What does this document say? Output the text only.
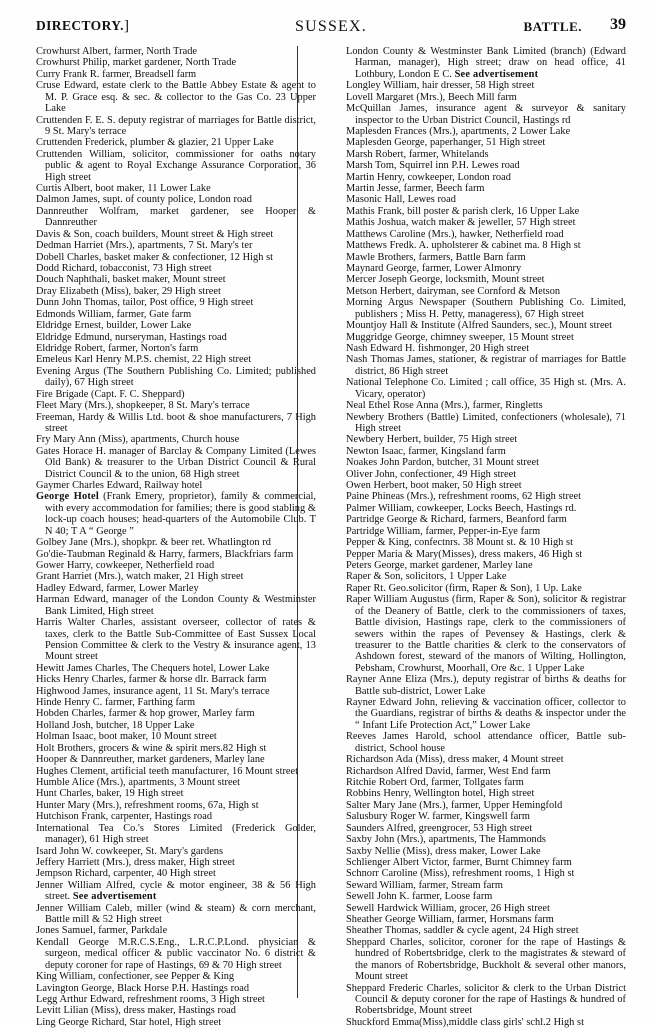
DIRECTORY.]	SUSSEX.	BATTLE. 39
Crowhurst Albert, farmer, North Trade
Crowhurst Philip, market gardener, North Trade
Curry Frank R. farmer, Breadsell farm
Cruse Edward, estate clerk to the Battle Abbey Estate & agent to M. P. Grace esq. & sec. & collector to the Gas Co. 23 Upper Lake
Cruttenden F. E. S. deputy registrar of marriages for Battle district, 9 St. Mary's terrace
Cruttenden Frederick, plumber & glazier, 21 Upper Lake
Cruttenden William, solicitor, commissioner for oaths notary public & agent to Royal Exchange Assurance Corporation, 36 High street
Curtis Albert, boot maker, 11 Lower Lake
Dalmon James, supt. of county police, London road
Dannreuther Wolfram, market gardener, see Hooper & Dannreuther
Davis & Son, coach builders, Mount street & High street
Dedman Harriet (Mrs.), apartments, 7 St. Mary's ter
Dobell Charles, basket maker & confectioner, 12 High st
Dodd Richard, tobacconist, 73 High street
Douch Naphthali, basket maker, Mount street
Dray Elizabeth (Miss), baker, 29 High street
Dunn John Thomas, tailor, Post office, 9 High street
Edmonds William, farmer, Gate farm
Eldridge Ernest, builder, Lower Lake
Eldridge Edmund, nurseryman, Hastings road
Eldridge Robert, farmer, Norton's farm
Emeleus Karl Henry M.P.S. chemist, 22 High street
Evening Argus (The Southern Publishing Co. Limited; published daily), 67 High street
Fire Brigade (Capt. F. C. Sheppard)
Fleet Mary (Mrs.), shopkeeper, 8 St. Mary's terrace
Freeman, Hardy & Willis Ltd. boot & shoe manufacturers, 7 High street
Fry Mary Ann (Miss), apartments, Church house
Gates Horace H. manager of Barclay & Company Limited (Lewes Old Bank) & treasurer to the Urban District Council & Rural District Council & to the union, 68 High street
Gaymer Charles Edward, Railway hotel
George Hotel (Frank Emery, proprietor), family & commercial, with every accommodation for families; there is good stabling & lock-up coach houses; head-quarters of the Automobile Club. T N 40; T A “ George ”
Golbey Jane (Mrs.), shopkpr. & beer ret. Whatlington rd
Go'die-Taubman Reginald & Harry, farmers, Blackfriars farm
Gower Harry, cowkeeper, Netherfield road
Grant Harriet (Mrs.), watch maker, 21 High street
Hadley Edward, farmer, Lower Marley
Harman Edward, manager of the London County & Westminster Bank Limited, High street
Harris Walter Charles, assistant overseer, collector of rates & taxes, clerk to the Battle Sub-Committee of East Sussex Local Pension Committee & clerk to the Vestry & insurance agent, 13 Mount street
Hewitt James Charles, The Chequers hotel, Lower Lake
Hicks Henry Charles, farmer & horse dlr. Barrack farm
Highwood James, insurance agent, 11 St. Mary's terrace
Hinde Henry C. farmer, Farthing farm
Hobden Charles, farmer & hop grower, Marley farm
Holland Josh, butcher, 18 Upper Lake
Holman Isaac, boot maker, 10 Mount street
Holt Brothers, grocers & wine & spirit mers.82 High st
Hooper & Dannreuther, market gardeners, Marley lane
Hughes Clement, artificial teeth manufacturer, 16 Mount street
Humble Alice (Mrs.), apartments, 3 Mount street
Hunt Charles, baker, 19 High street
Hunter Mary (Mrs.), refreshment rooms, 67a, High st
Hutchison Frank, carpenter, Hastings road
International Tea Co.'s Stores Limited (Frederick Golder, manager), 61 High street
Isard John W. cowkeeper, St. Mary's gardens
Jeffery Harriett (Mrs.), dress maker, High street
Jempson Richard, carpenter, 40 High street
Jenner William Alfred, cycle & motor engineer, 38 & 56 High street. See advertisement
Jenner William Caleb, miller (wind & steam) & corn merchant, Battle mill & 52 High street
Jones Samuel, farmer, Parkdale
Kendall George M.R.C.S.Eng., L.R.C.P.Lond. physician & surgeon, medical officer & public vaccinator No. 6 district & deputy coroner for rape of Hastings, 69 & 70 High street
King William, confectioner, see Pepper & King
Lavington George, Black Horse P.H. Hastings road
Legg Arthur Edward, refreshment rooms, 3 High street
Levitt Lilian (Miss), dress maker, Hastings road
Ling George Richard, Star hotel, High street
London County & Westminster Bank Limited (branch) (Edward Harman, manager), High street; draw on head office, 41 Lothbury, London E C. See advertisement
Longley William, hair dresser, 58 High street
Lovell Margaret (Mrs.), Beech Mill farm
McQuillan James, insurance agent & surveyor & sanitary inspector to the Urban District Council, Hastings rd
Maplesden Frances (Mrs.), apartments, 2 Lower Lake
Maplesden George, paperhanger, 51 High street
Marsh Robert, farmer, Whitelands
Marsh Tom, Squirrel inn P.H. Lewes road
Martin Henry, cowkeeper, London road
Martin Jesse, farmer, Beech farm
Masonic Hall, Lewes road
Mathis Frank, bill poster & parish clerk, 16 Upper Lake
Mathis Joshua, watch maker & jeweller, 57 High street
Matthews Caroline (Mrs.), hawker, Netherfield road
Matthews Fredk. A. upholsterer & cabinet ma. 8 High st
Mawle Brothers, farmers, Battle Barn farm
Maynard George, farmer, Lower Almonry
Mercer Joseph George, locksmith, Mount street
Metson Herbert, dairyman, see Cornford & Metson
Morning Argus Newspaper (Southern Publishing Co. Limited, publishers ; Miss H. Petty, manageress), 67 High street
Mountjoy Hall & Institute (Alfred Saunders, sec.), Mount street
Muggridge George, chimney sweeper, 15 Mount street
Nash Edward H. fishmonger, 20 High street
Nash Thomas James, stationer, & registrar of marriages for Battle district, 86 High street
National Telephone Co. Limited ; call office, 35 High st. (Mrs. A. Vicary, operator)
Neal Ethel Rose Anna (Mrs.), farmer, Ringletts
Newbery Brothers (Battle) Limited, confectioners (wholesale), 71 High street
Newbery Herbert, builder, 75 High street
Newton Isaac, farmer, Kingsland farm
Noakes John Pardon, butcher, 31 Mount street
Oliver John, confectioner, 49 High street
Owen Herbert, boot maker, 50 High street
Paine Phineas (Mrs.), refreshment rooms, 62 High street
Palmer William, cowkeeper, Locks Beech, Hastings rd.
Partridge George & Richard, farmers, Beanford farm
Partridge William, farmer, Pepper-in-Eye farm
Pepper & King, confectnrs. 38 Mount st. & 10 High st
Pepper Maria & Mary(Misses), dress makers, 46 High st
Peters George, market gardener, Marley lane
Raper & Son, solicitors, 1 Upper Lake
Raper Rt. Geo.solicitor (firm, Raper & Son), 1 Up. Lake
Raper William Augustus (firm, Raper & Son), solicitor & registrar of the Deanery of Battle, clerk to the commissioners of taxes, Battle division, Hastings rape, clerk to the commissioners of sewers within the rapes of Pevensey & Hastings, clerk & treasurer to the Battle charities & clerk to the conservators of Ashdown forest, steward of the manors of Wilting, Hollington, Pebsham, Crowhurst, Moorhall, Ore &c. 1 Upper Lake
Rayner Anne Eliza (Mrs.), deputy registrar of births & deaths for Battle sub-district, Lower Lake
Rayner Edward John, relieving & vaccination officer, collector to the Guardians, registrar of births & deaths & inspector under the “ Infant Life Protection Act,” Lower Lake
Reeves James Harold, school attendance officer, Battle sub-district, School house
Richardson Ada (Miss), dress maker, 4 Mount street
Richardson Alfred David, farmer, West End farm
Ritchie Robert Ord, farmer, Tollgates farm
Robbins Henry, Wellington hotel, High street
Salter Mary Jane (Mrs.), farmer, Upper Hemingfold
Salusbury Roger W. farmer, Kingswell farm
Saunders Alfred, greengrocer, 53 High street
Saxby John (Mrs.), apartments, The Hammonds
Saxby Nellie (Miss), dress maker, Lower Lake
Schlienger Albert Victor, farmer, Burnt Chimney farm
Schnorr Caroline (Miss), refreshment rooms, 1 High st
Seward William, farmer, Stream farm
Sewell John K. farmer, Loose farm
Sewell Hardwick William, grocer, 26 High street
Sheather George William, farmer, Horsmans farm
Sheather Thomas, saddler & cycle agent, 24 High street
Sheppard Charles, solicitor, coroner for the rape of Hastings & hundred of Robertsbridge, clerk to the magistrates & steward of the manors of Robertsbridge, Buckholt & several other manors, Mount street
Sheppard Frederic Charles, solicitor & clerk to the Urban District Council & deputy coroner for the rape of Hastings & hundred of Robertsbridge, Mount street
Shuckford Emma(Miss),middle class girls' schl.2 High st
